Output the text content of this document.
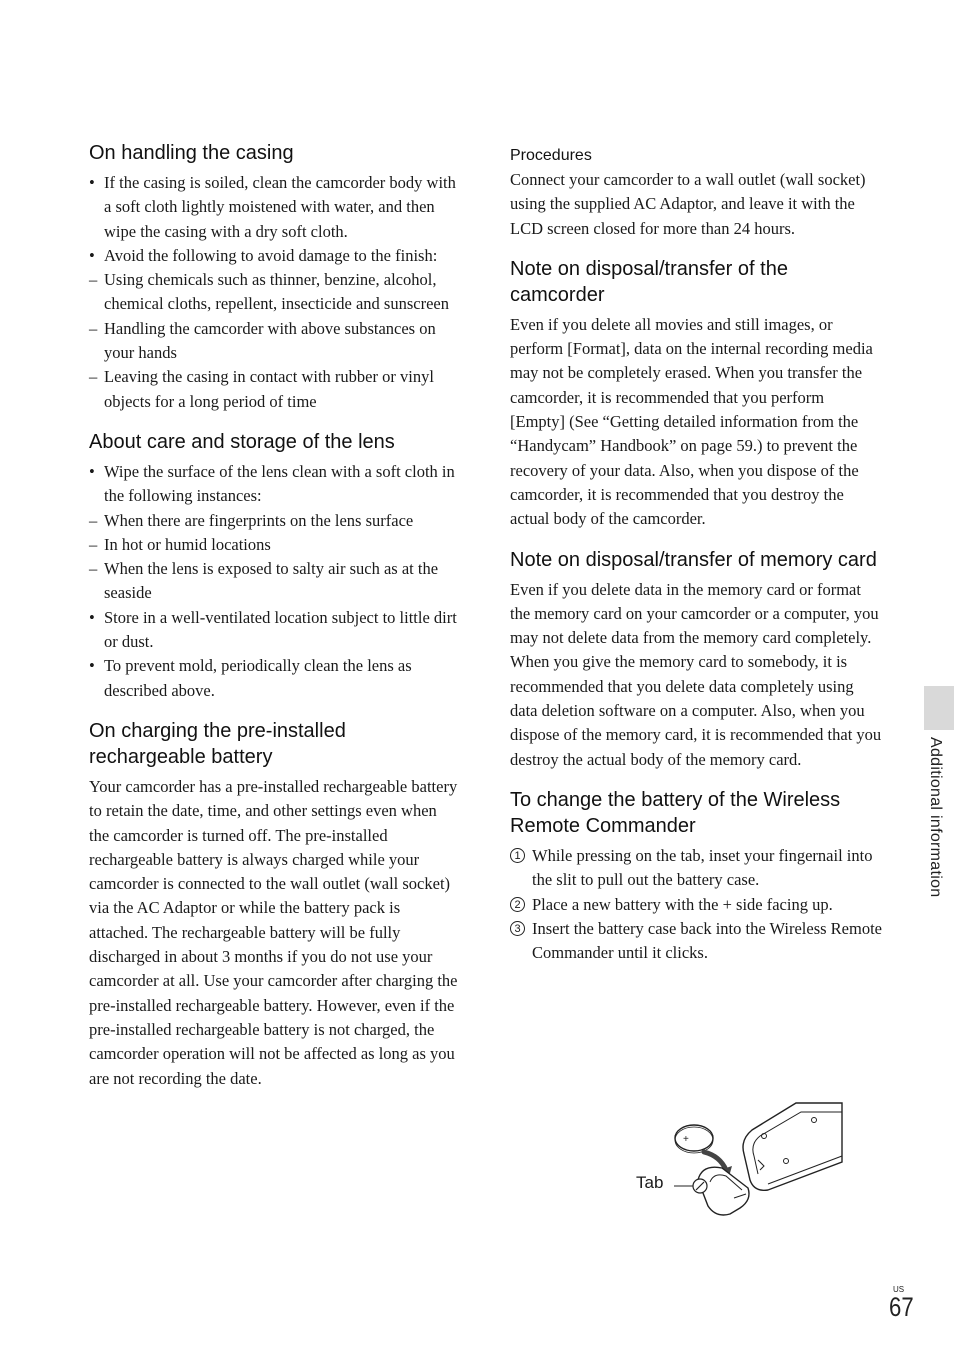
On handling the casing
• If the casing is soiled, clean the camcorder body with a soft cloth lightly moistened with water, and then wipe the casing with a dry soft cloth.
• Avoid the following to avoid damage to the finish:
– Using chemicals such as thinner, benzine, alcohol, chemical cloths, repellent, insecticide and sunscreen
– Handling the camcorder with above substances on your hands
– Leaving the casing in contact with rubber or vinyl objects for a long period of time
About care and storage of the lens
• Wipe the surface of the lens clean with a soft cloth in the following instances:
– When there are fingerprints on the lens surface
– In hot or humid locations
– When the lens is exposed to salty air such as at the seaside
• Store in a well-ventilated location subject to little dirt or dust.
• To prevent mold, periodically clean the lens as described above.
On charging the pre-installed rechargeable battery

Your camcorder has a pre-installed rechargeable battery to retain the date, time, and other settings even when the camcorder is turned off. The pre-installed rechargeable battery is always charged while your camcorder is connected to the wall outlet (wall socket) via the AC Adaptor or while the battery pack is attached. The rechargeable battery will be fully discharged in about 3 months if you do not use your camcorder at all. Use your camcorder after charging the pre-installed rechargeable battery. However, even if the pre-installed rechargeable battery is not charged, the camcorder operation will not be affected as long as you are not recording the date.

Procedures

Connect your camcorder to a wall outlet (wall socket) using the supplied AC Adaptor, and leave it with the LCD screen closed for more than 24 hours.

Note on disposal/transfer of the camcorder

Even if you delete all movies and still images, or perform [Format], data on the internal recording media may not be completely erased. When you transfer the camcorder, it is recommended that you perform [Empty] (See “Getting detailed information from the “Handycam” Handbook” on page 59.) to prevent the recovery of your data. Also, when you dispose of the camcorder, it is recommended that you destroy the actual body of the camcorder.

Note on disposal/transfer of memory card

Even if you delete data in the memory card or format the memory card on your camcorder or a computer, you may not delete data from the memory card completely. When you give the memory card to somebody, it is recommended that you delete data completely using data deletion software on a computer. Also, when you dispose of the memory card, it is recommended that you destroy the actual body of the memory card.

To change the battery of the Wireless Remote Commander
1 While pressing on the tab, inset your fingernail into the slit to pull out the battery case.
2 Place a new battery with the + side facing up.
3 Insert the battery case back into the Wireless Remote Commander until it clicks.
Tab
+
Additional information
US
67
